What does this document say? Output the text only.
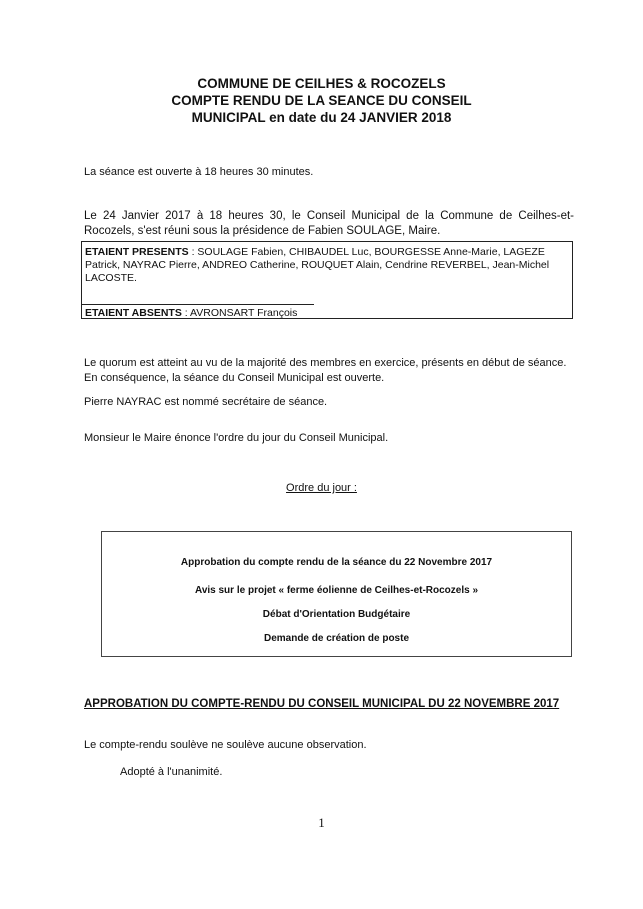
COMMUNE DE CEILHES & ROCOZELS
COMPTE RENDU DE LA SEANCE DU CONSEIL
MUNICIPAL en date du 24 JANVIER 2018
La séance est ouverte à 18 heures 30 minutes.
Le 24 Janvier 2017 à 18 heures 30, le Conseil Municipal de la Commune de Ceilhes-et-Rocozels, s'est réuni sous la présidence de Fabien SOULAGE, Maire.
ETAIENT PRESENTS : SOULAGE Fabien, CHIBAUDEL Luc, BOURGESSE Anne-Marie, LAGEZE Patrick, NAYRAC Pierre, ANDREO Catherine, ROUQUET Alain, Cendrine REVERBEL, Jean-Michel LACOSTE.
ETAIENT ABSENTS : AVRONSART François
Le quorum est atteint au vu de la majorité des membres en exercice, présents en début de séance. En conséquence, la séance du Conseil Municipal est ouverte.
Pierre NAYRAC est nommé secrétaire de séance.
Monsieur le Maire énonce l'ordre du jour du Conseil Municipal.
Ordre du jour :
Approbation du compte rendu de la séance du 22 Novembre 2017
Avis sur le projet « ferme éolienne de Ceilhes-et-Rocozels »
Débat d'Orientation Budgétaire
Demande de création de poste
APPROBATION DU COMPTE-RENDU DU CONSEIL MUNICIPAL DU 22 NOVEMBRE 2017
Le compte-rendu soulève ne soulève aucune observation.
Adopté à l'unanimité.
1
